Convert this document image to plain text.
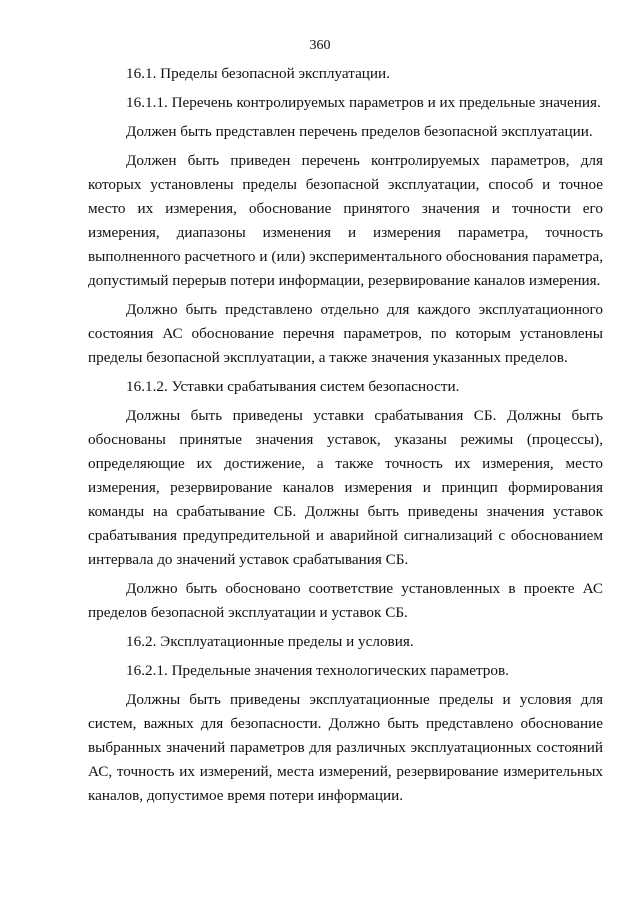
360

16.1. Пределы безопасной эксплуатации.

16.1.1. Перечень контролируемых параметров и их предельные значения.

Должен быть представлен перечень пределов безопасной эксплуатации.

Должен быть приведен перечень контролируемых параметров, для которых установлены пределы безопасной эксплуатации, способ и точное место их измерения, обоснование принятого значения и точности его измерения, диапазоны изменения и измерения параметра, точность выполненного расчетного и (или) экспериментального обоснования параметра, допустимый перерыв потери информации, резервирование каналов измерения.

Должно быть представлено отдельно для каждого эксплуатационного состояния АС обоснование перечня параметров, по которым установлены пределы безопасной эксплуатации, а также значения указанных пределов.

16.1.2. Уставки срабатывания систем безопасности.

Должны быть приведены уставки срабатывания СБ. Должны быть обоснованы принятые значения уставок, указаны режимы (процессы), определяющие их достижение, а также точность их измерения, место измерения, резервирование каналов измерения и принцип формирования команды на срабатывание СБ. Должны быть приведены значения уставок срабатывания предупредительной и аварийной сигнализаций с обоснованием интервала до значений уставок срабатывания СБ.

Должно быть обосновано соответствие установленных в проекте АС пределов безопасной эксплуатации и уставок СБ.

16.2. Эксплуатационные пределы и условия.

16.2.1. Предельные значения технологических параметров.

Должны быть приведены эксплуатационные пределы и условия для систем, важных для безопасности. Должно быть представлено обоснование выбранных значений параметров для различных эксплуатационных состояний АС, точность их измерений, места измерений, резервирование измерительных каналов, допустимое время потери информации.
